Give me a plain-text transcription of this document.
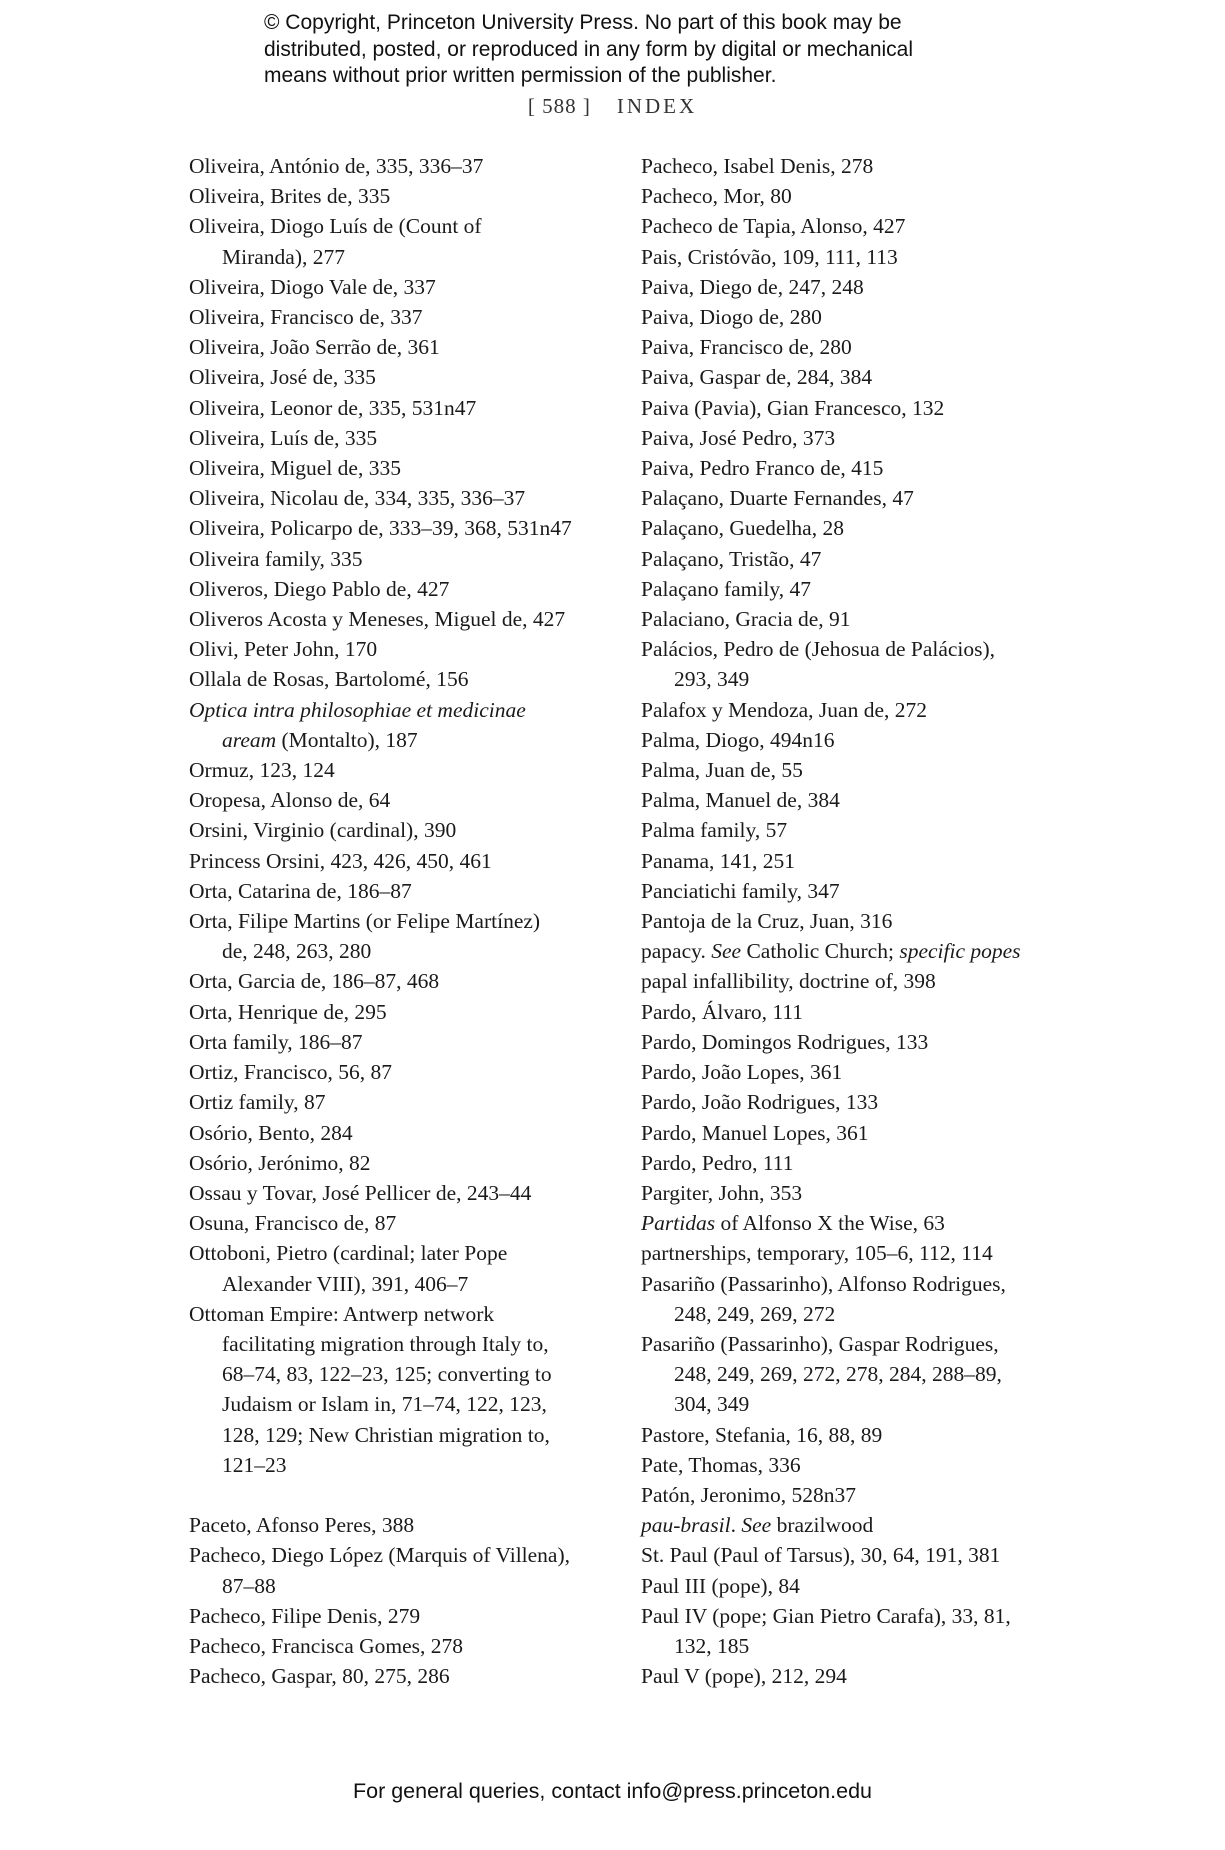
© Copyright, Princeton University Press. No part of this book may be
distributed, posted, or reproduced in any form by digital or mechanical
means without prior written permission of the publisher.
[ 588 ] INDEX
Oliveira, António de, 335, 336–37
Oliveira, Brites de, 335
Oliveira, Diogo Luís de (Count of
Miranda), 277
Oliveira, Diogo Vale de, 337
Oliveira, Francisco de, 337
Oliveira, João Serrão de, 361
Oliveira, José de, 335
Oliveira, Leonor de, 335, 531n47
Oliveira, Luís de, 335
Oliveira, Miguel de, 335
Oliveira, Nicolau de, 334, 335, 336–37
Oliveira, Policarpo de, 333–39, 368, 531n47
Oliveira family, 335
Oliveros, Diego Pablo de, 427
Oliveros Acosta y Meneses, Miguel de, 427
Olivi, Peter John, 170
Ollala de Rosas, Bartolomé, 156
Optica intra philosophiae et medicinae
aream (Montalto), 187
Ormuz, 123, 124
Oropesa, Alonso de, 64
Orsini, Virginio (cardinal), 390
Princess Orsini, 423, 426, 450, 461
Orta, Catarina de, 186–87
Orta, Filipe Martins (or Felipe Martínez)
de, 248, 263, 280
Orta, Garcia de, 186–87, 468
Orta, Henrique de, 295
Orta family, 186–87
Ortiz, Francisco, 56, 87
Ortiz family, 87
Osório, Bento, 284
Osório, Jerónimo, 82
Ossau y Tovar, José Pellicer de, 243–44
Osuna, Francisco de, 87
Ottoboni, Pietro (cardinal; later Pope
Alexander VIII), 391, 406–7
Ottoman Empire: Antwerp network
facilitating migration through Italy to,
68–74, 83, 122–23, 125; converting to
Judaism or Islam in, 71–74, 122, 123,
128, 129; New Christian migration to,
121–23
Paceto, Afonso Peres, 388
Pacheco, Diego López (Marquis of Villena),
87–88
Pacheco, Filipe Denis, 279
Pacheco, Francisca Gomes, 278
Pacheco, Gaspar, 80, 275, 286
Pacheco, Isabel Denis, 278
Pacheco, Mor, 80
Pacheco de Tapia, Alonso, 427
Pais, Cristóvão, 109, 111, 113
Paiva, Diego de, 247, 248
Paiva, Diogo de, 280
Paiva, Francisco de, 280
Paiva, Gaspar de, 284, 384
Paiva (Pavia), Gian Francesco, 132
Paiva, José Pedro, 373
Paiva, Pedro Franco de, 415
Palaçano, Duarte Fernandes, 47
Palaçano, Guedelha, 28
Palaçano, Tristão, 47
Palaçano family, 47
Palaciano, Gracia de, 91
Palácios, Pedro de (Jehosua de Palácios),
293, 349
Palafox y Mendoza, Juan de, 272
Palma, Diogo, 494n16
Palma, Juan de, 55
Palma, Manuel de, 384
Palma family, 57
Panama, 141, 251
Panciatichi family, 347
Pantoja de la Cruz, Juan, 316
papacy. See Catholic Church; specific popes
papal infallibility, doctrine of, 398
Pardo, Álvaro, 111
Pardo, Domingos Rodrigues, 133
Pardo, João Lopes, 361
Pardo, João Rodrigues, 133
Pardo, Manuel Lopes, 361
Pardo, Pedro, 111
Pargiter, John, 353
Partidas of Alfonso X the Wise, 63
partnerships, temporary, 105–6, 112, 114
Pasariño (Passarinho), Alfonso Rodrigues,
248, 249, 269, 272
Pasariño (Passarinho), Gaspar Rodrigues,
248, 249, 269, 272, 278, 284, 288–89,
304, 349
Pastore, Stefania, 16, 88, 89
Pate, Thomas, 336
Patón, Jeronimo, 528n37
pau-brasil. See brazilwood
St. Paul (Paul of Tarsus), 30, 64, 191, 381
Paul III (pope), 84
Paul IV (pope; Gian Pietro Carafa), 33, 81,
132, 185
Paul V (pope), 212, 294
For general queries, contact info@press.princeton.edu
